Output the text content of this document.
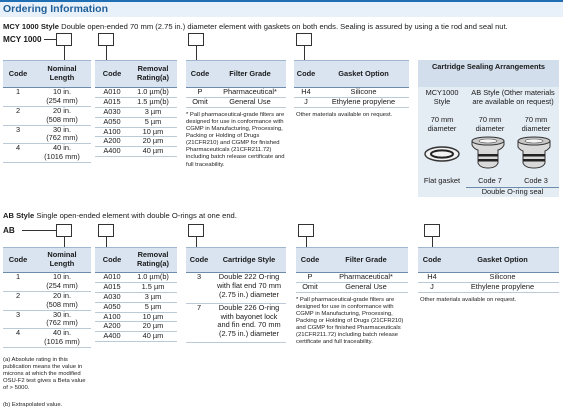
Ordering Information
MCY 1000 Style Double open-ended 70 mm (2.75 in.) diameter element with gaskets on both ends. Sealing is assured by using a tie rod and seal nut.
MCY 1000
Code	Nominal Length
1	10 in.
(254 mm)

2	20 in.
(508 mm)

3	30 in.
(762 mm)

4	40 in.
(1016 mm)
Code	Removal Rating(a)
A010	1.0 µm(b)
A015	1.5 µm(b)
A030	3 µm
A050	5 µm
A100	10 µm
A200	20 µm
A400	40 µm
Code	Filter Grade
P	Pharmaceutical*
Omit	General Use
* Pall pharmaceutical-grade filters are designed for use in conformance with CGMP in Manufacturing, Processing, Packing or Holding of Drugs (21CFR210) and CGMP for finished Pharmaceuticals (21CFR211.72) including batch release certificate and full traceability.
Code	Gasket Option
H4	Silicone
J	Ethylene propylene
Other materials available on request.
Cartridge Sealing Arrangements
MCY1000 Style
AB Style (Other materials are available on request)
70 mm diameter
70 mm diameter
70 mm diameter
Flat gasket	Code 7	Code 3
Double O-ring seal
AB Style Single open-ended element with double O-rings at one end.
AB
Code	Nominal Length
1	10 in.
(254 mm)

2	20 in.
(508 mm)

3	30 in.
(762 mm)

4	40 in.
(1016 mm)
(a) Absolute rating in this publication means the value in microns at which the modified OSU-F2 test gives a Beta value of > 5000.
(b) Extrapolated value.
Code	Removal Rating(a)
A010	1.0 µm(b)
A015	1.5 µm
A030	3 µm
A050	5 µm
A100	10 µm
A200	20 µm
A400	40 µm
Code	Cartridge Style
3	Double 222 O-ring with flat end 70 mm (2.75 in.) diameter
7	Double 226 O-ring with bayonet lock and fin end. 70 mm (2.75 in.) diameter
Code	Filter Grade
P	Pharmaceutical*
Omit	General Use
* Pall pharmaceutical-grade filters are designed for use in conformance with CGMP in Manufacturing, Processing, Packing or Holding of Drugs (21CFR210) and CGMP for finished Pharmaceuticals (21CFR211.72) including batch release certificate and full traceability.
Code	Gasket Option
H4	Silicone
J	Ethylene propylene
Other materials available on request.
